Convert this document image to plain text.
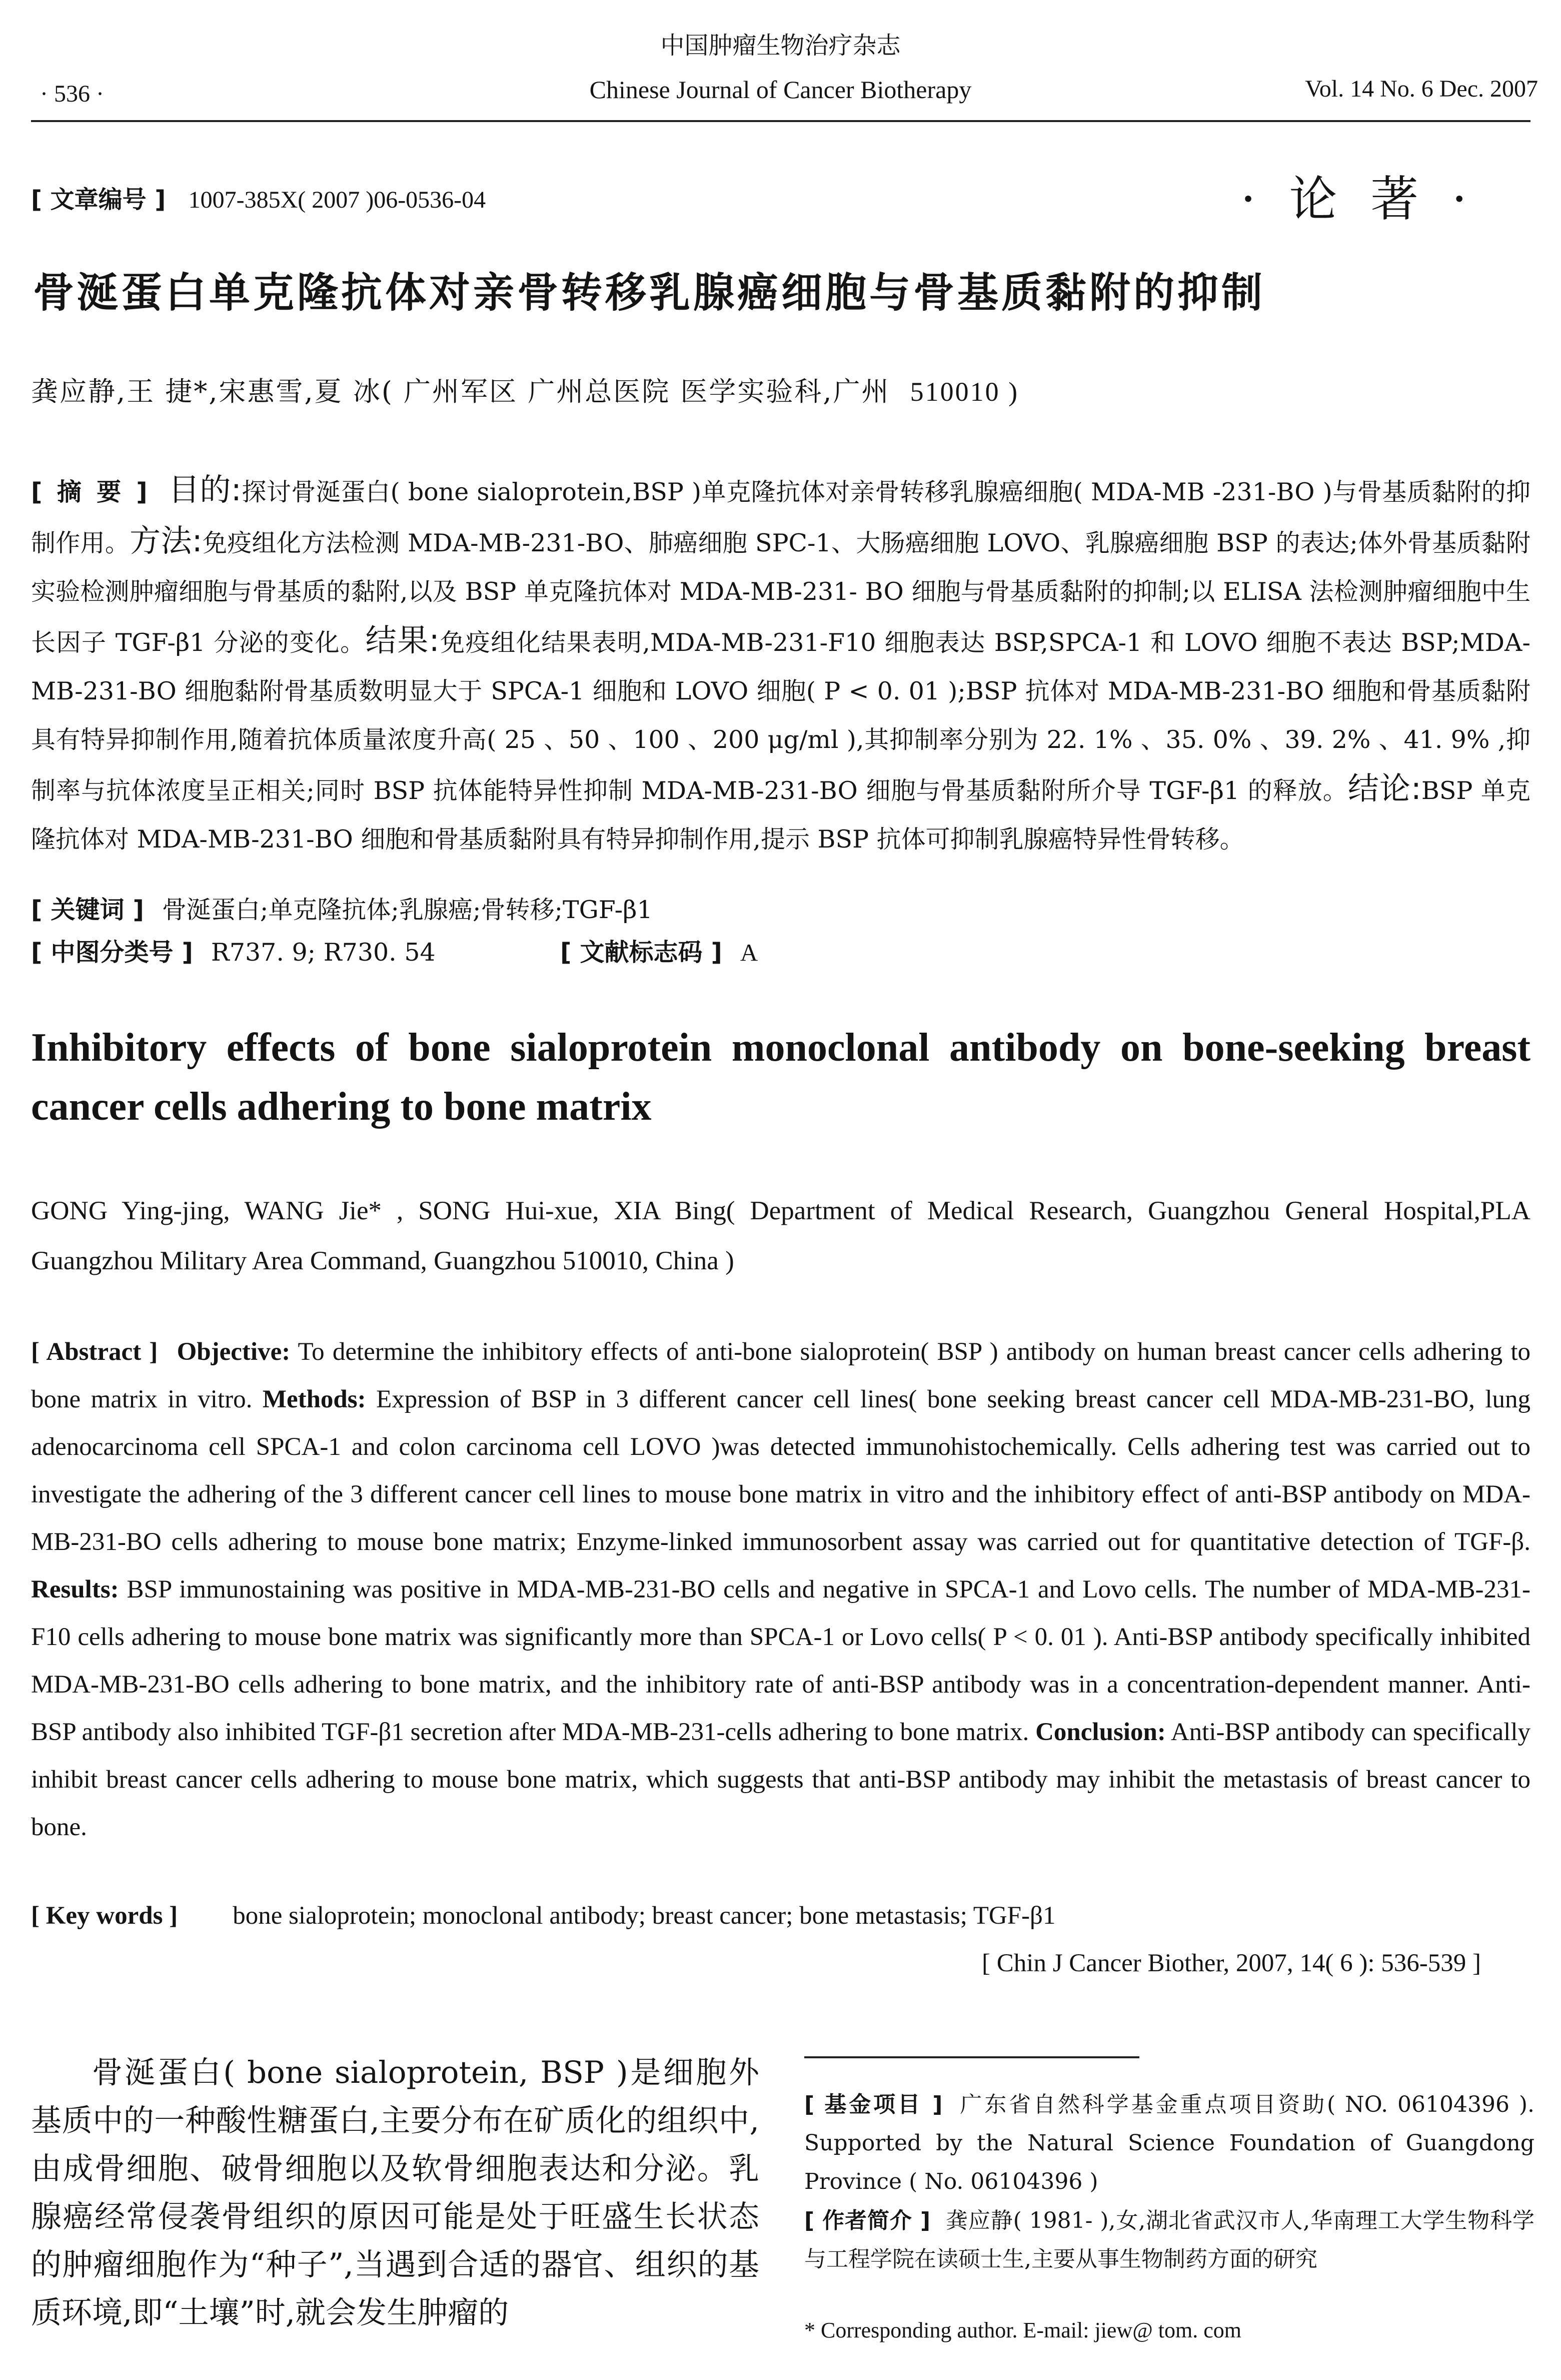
中国肿瘤生物治疗杂志
· 536 ·	Chinese Journal of Cancer Biotherapy	Vol. 14 No. 6 Dec. 2007
[ 文章编号 ] 1007-385X( 2007 )06-0536-04	· 论 著 ·
骨涎蛋白单克隆抗体对亲骨转移乳腺癌细胞与骨基质黏附的抑制
龚应静,王 捷*,宋惠雪,夏 冰( 广州军区 广州总医院 医学实验科,广州 510010 )
[ 摘 要 ] 目的:探讨骨涎蛋白( bone sialoprotein,BSP )单克隆抗体对亲骨转移乳腺癌细胞( MDA-MB -231-BO )与骨基质黏附的抑制作用。方法:免疫组化方法检测 MDA-MB-231-BO、肺癌细胞 SPC-1、大肠癌细胞 LOVO、乳腺癌细胞 BSP 的表达;体外骨基质黏附实验检测肿瘤细胞与骨基质的黏附,以及 BSP 单克隆抗体对 MDA-MB-231- BO 细胞与骨基质黏附的抑制;以 ELISA 法检测肿瘤细胞中生长因子 TGF-β1 分泌的变化。结果:免疫组化结果表明,MDA-MB-231-F10 细胞表达 BSP,SPCA-1 和 LOVO 细胞不表达 BSP;MDA-MB-231-BO 细胞黏附骨基质数明显大于 SPCA-1 细胞和 LOVO 细胞( P < 0. 01 );BSP 抗体对 MDA-MB-231-BO 细胞和骨基质黏附具有特异抑制作用,随着抗体质量浓度升高( 25 、50 、100 、200 μg/ml ),其抑制率分别为 22. 1% 、35. 0% 、39. 2% 、41. 9% ,抑制率与抗体浓度呈正相关;同时 BSP 抗体能特异性抑制 MDA-MB-231-BO 细胞与骨基质黏附所介导 TGF-β1 的释放。结论:BSP 单克隆抗体对 MDA-MB-231-BO 细胞和骨基质黏附具有特异抑制作用,提示 BSP 抗体可抑制乳腺癌特异性骨转移。
[ 关键词 ] 骨涎蛋白;单克隆抗体;乳腺癌;骨转移;TGF-β1
[ 中图分类号 ] R737. 9; R730. 54	[ 文献标志码 ] A
Inhibitory effects of bone sialoprotein monoclonal antibody on bone-seeking breast cancer cells adhering to bone matrix
GONG Ying-jing, WANG Jie* , SONG Hui-xue, XIA Bing( Department of Medical Research, Guangzhou General Hospital,PLA Guangzhou Military Area Command, Guangzhou 510010, China )
[ Abstract ] Objective: To determine the inhibitory effects of anti-bone sialoprotein( BSP ) antibody on human breast cancer cells adhering to bone matrix in vitro. Methods: Expression of BSP in 3 different cancer cell lines( bone seeking breast cancer cell MDA-MB-231-BO, lung adenocarcinoma cell SPCA-1 and colon carcinoma cell LOVO )was detected immunohistochemically. Cells adhering test was carried out to investigate the adhering of the 3 different cancer cell lines to mouse bone matrix in vitro and the inhibitory effect of anti-BSP antibody on MDA-MB-231-BO cells adhering to mouse bone matrix; Enzyme-linked immunosorbent assay was carried out for quantitative detection of TGF-β. Results: BSP immunostaining was positive in MDA-MB-231-BO cells and negative in SPCA-1 and Lovo cells. The number of MDA-MB-231-F10 cells adhering to mouse bone matrix was significantly more than SPCA-1 or Lovo cells( P < 0. 01 ). Anti-BSP antibody specifically inhibited MDA-MB-231-BO cells adhering to bone matrix, and the inhibitory rate of anti-BSP antibody was in a concentration-dependent manner. Anti-BSP antibody also inhibited TGF-β1 secretion after MDA-MB-231-cells adhering to bone matrix. Conclusion: Anti-BSP antibody can specifically inhibit breast cancer cells adhering to mouse bone matrix, which suggests that anti-BSP antibody may inhibit the metastasis of breast cancer to bone.
[ Key words ] bone sialoprotein; monoclonal antibody; breast cancer; bone metastasis; TGF-β1
[ Chin J Cancer Biother, 2007, 14( 6 ): 536-539 ]
骨涎蛋白( bone sialoprotein, BSP )是细胞外基质中的一种酸性糖蛋白,主要分布在矿质化的组织中,由成骨细胞、破骨细胞以及软骨细胞表达和分泌。乳腺癌经常侵袭骨组织的原因可能是处于旺盛生长状态的肿瘤细胞作为“种子”,当遇到合适的器官、组织的基质环境,即“土壤”时,就会发生肿瘤的
[ 基金项目 ] 广东省自然科学基金重点项目资助( NO. 06104396 ). Supported by the Natural Science Foundation of Guangdong Province ( No. 06104396 )
[ 作者简介 ] 龚应静( 1981- ),女,湖北省武汉市人,华南理工大学生物科学与工程学院在读硕士生,主要从事生物制药方面的研究
* Corresponding author. E-mail: jiew@ tom. com
